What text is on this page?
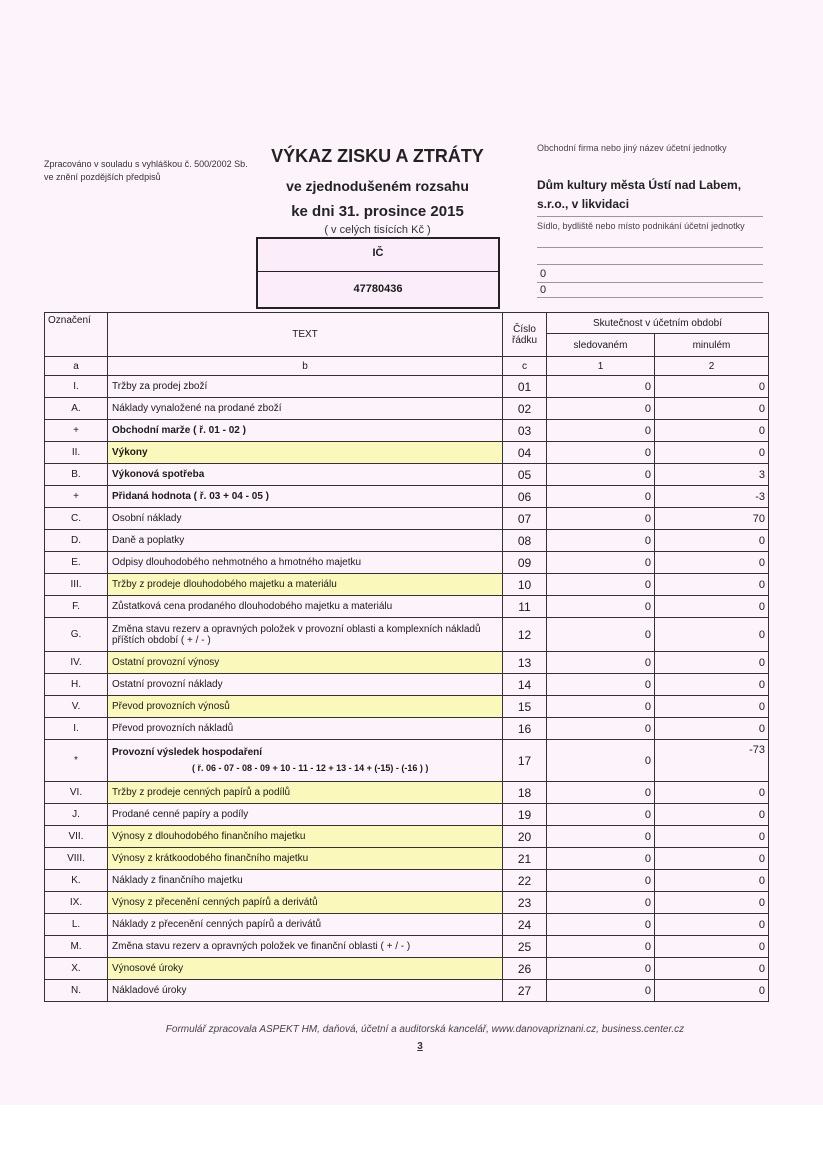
Zpracováno v souladu s vyhláškou č. 500/2002 Sb. ve znění pozdějších předpisů
VÝKAZ ZISKU A ZTRÁTY
ve zjednodušeném rozsahu
ke dni 31. prosince 2015
( v celých tisících Kč )
IČ
47780436
Obchodní firma nebo jiný název účetní jednotky
Dům kultury města Ústí nad Labem, s.r.o., v likvidaci
Sídlo, bydliště nebo místo podnikání účetní jednotky
0
0
Označení	TEXT	Číslo řádku	Skutečnost v účetním období	
			sledovaném	minulém
a	b	c	1	2
I.	Tržby za prodej zboží	01	0	0
A.	Náklady vynaložené na prodané zboží	02	0	0
+	Obchodní marže ( ř. 01 - 02 )	03	0	0
II.	Výkony	04	0	0
B.	Výkonová spotřeba	05	0	3
+	Přidaná hodnota ( ř. 03 + 04 - 05 )	06	0	-3
C.	Osobní náklady	07	0	70
D.	Daně a poplatky	08	0	0
E.	Odpisy dlouhodobého nehmotného a hmotného majetku	09	0	0
III.	Tržby z prodeje dlouhodobého majetku a materiálu	10	0	0
F.	Zůstatková cena prodaného dlouhodobého majetku a materiálu	11	0	0
G.	Změna stavu rezerv a opravných položek v provozní oblasti a komplexních nákladů příštích období ( + / - )	12	0	0
IV.	Ostatní provozní výnosy	13	0	0
H.	Ostatní provozní náklady	14	0	0
V.	Převod provozních výnosů	15	0	0
I.	Převod provozních nákladů	16	0	0
*	Provozní výsledek hospodaření
( ř. 06 - 07 - 08 - 09 + 10 - 11 - 12 + 13 - 14 + (-15) - (-16 ) )	17	0	-73
VI.	Tržby z prodeje cenných papírů a podílů	18	0	0
J.	Prodané cenné papíry a podíly	19	0	0
VII.	Výnosy z dlouhodobého finančního majetku	20	0	0
VIII.	Výnosy z krátkoodobého finančního majetku	21	0	0
K.	Náklady z finančního majetku	22	0	0
IX.	Výnosy z přecenění cenných papírů a derivátů	23	0	0
L.	Náklady z přecenění cenných papírů a derivátů	24	0	0
M.	Změna stavu rezerv a opravných položek ve finanční oblasti ( + / - )	25	0	0
X.	Výnosové úroky	26	0	0
N.	Nákladové úroky	27	0	0
Formulář zpracovala ASPEKT HM, daňová, účetní a auditorská kancelář, www.danovapriznani.cz, business.center.cz
3
